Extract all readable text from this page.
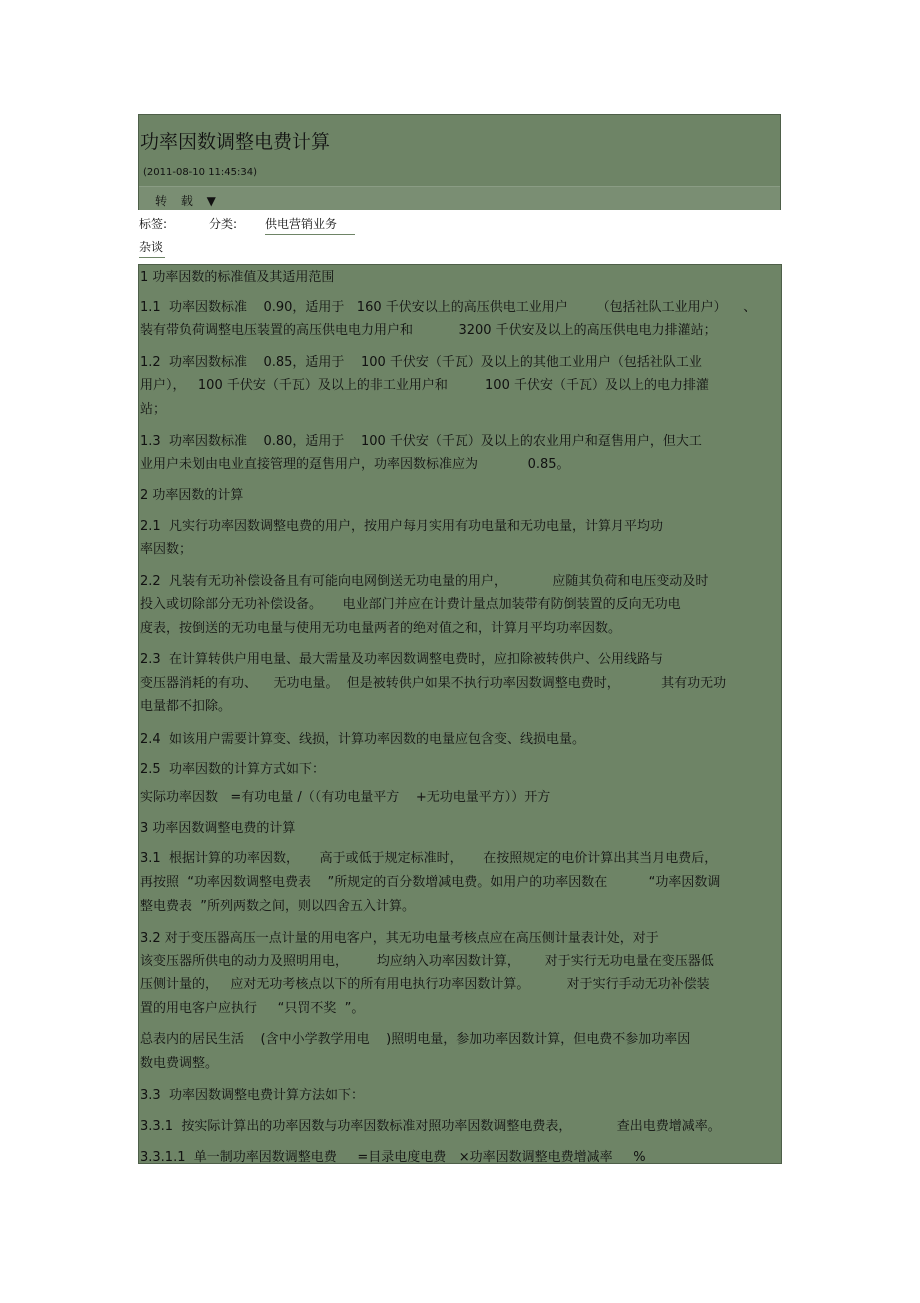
功率因数调整电费计算
(2011-08-10 11:45:34)
转 载 ▼
标签:	分类: 供电营销业务
杂谈
1 功率因数的标准值及其适用范围
1.1  功率因数标准    0.90，适用于   160 千伏安以上的高压供电工业用户       （包括社队工业用户）    、
装有带负荷调整电压装置的高压供电电力用户和           3200 千伏安及以上的高压供电电力排灌站；
1.2  功率因数标准    0.85，适用于    100 千伏安（千瓦）及以上的其他工业用户（包括社队工业
用户），   100 千伏安（千瓦）及以上的非工业用户和         100 千伏安（千瓦）及以上的电力排灌
站；
1.3  功率因数标准    0.80，适用于    100 千伏安（千瓦）及以上的农业用户和趸售用户，但大工
业用户未划由电业直接管理的趸售用户，功率因数标准应为            0.85。
2 功率因数的计算
2.1  凡实行功率因数调整电费的用户，按用户每月实用有功电量和无功电量，计算月平均功
率因数；
2.2  凡装有无功补偿设备且有可能向电网倒送无功电量的用户，           应随其负荷和电压变动及时
投入或切除部分无功补偿设备。     电业部门并应在计费计量点加装带有防倒装置的反向无功电
度表，按倒送的无功电量与使用无功电量两者的绝对值之和，计算月平均功率因数。
2.3  在计算转供户用电量、最大需量及功率因数调整电费时，应扣除被转供户、公用线路与
变压器消耗的有功、    无功电量。  但是被转供户如果不执行功率因数调整电费时，          其有功无功
电量都不扣除。
2.4  如该用户需要计算变、线损，计算功率因数的电量应包含变、线损电量。
2.5  功率因数的计算方式如下：
实际功率因数   =有功电量 /（（有功电量平方    +无功电量平方））开方
3 功率因数调整电费的计算
3.1  根据计算的功率因数，     高于或低于规定标准时，     在按照规定的电价计算出其当月电费后，
再按照  “功率因数调整电费表    ”所规定的百分数增减电费。如用户的功率因数在          “功率因数调
整电费表  ”所列两数之间，则以四舍五入计算。
3.2 对于变压器高压一点计量的用电客户，其无功电量考核点应在高压侧计量表计处，对于
该变压器所供电的动力及照明用电，       均应纳入功率因数计算，      对于实行无功电量在变压器低
压侧计量的，   应对无功考核点以下的所有用电执行功率因数计算。         对于实行手动无功补偿装
置的用电客户应执行     “只罚不奖  ”。
总表内的居民生活    (含中小学教学用电    )照明电量，参加功率因数计算，但电费不参加功率因
数电费调整。
3.3  功率因数调整电费计算方法如下：
3.3.1  按实际计算出的功率因数与功率因数标准对照功率因数调整电费表，           查出电费增减率。
3.3.1.1  单一制功率因数调整电费     =目录电度电费   ×功率因数调整电费增减率     %
